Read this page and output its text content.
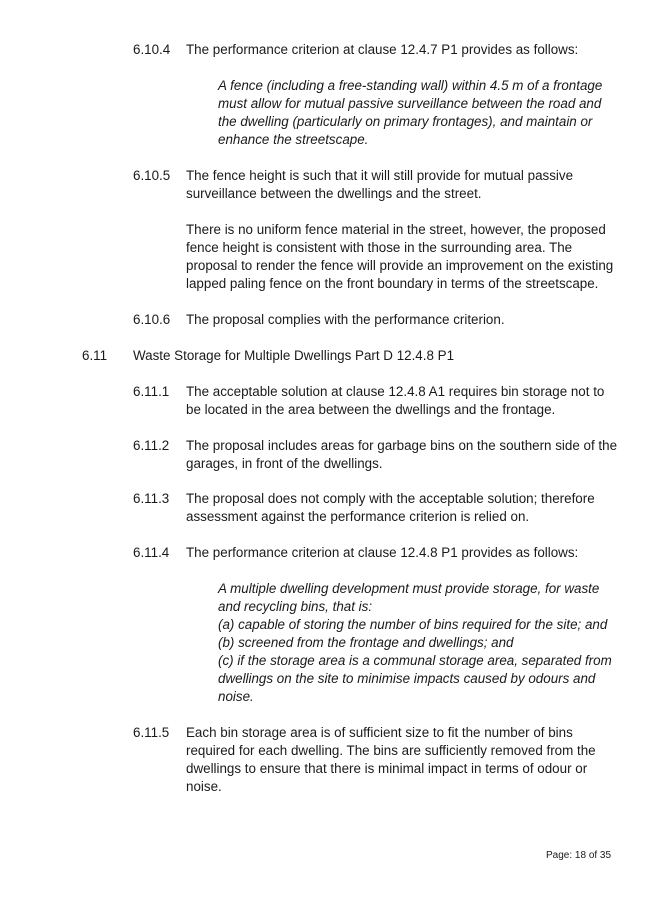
6.10.4 The performance criterion at clause 12.4.7 P1 provides as follows:
A fence (including a free-standing wall) within 4.5 m of a frontage
must allow for mutual passive surveillance between the road and
the dwelling (particularly on primary frontages), and maintain or
enhance the streetscape.
6.10.5 The fence height is such that it will still provide for mutual passive
surveillance between the dwellings and the street.
There is no uniform fence material in the street, however, the proposed
fence height is consistent with those in the surrounding area. The
proposal to render the fence will provide an improvement on the existing
lapped paling fence on the front boundary in terms of the streetscape.
6.10.6 The proposal complies with the performance criterion.
6.11 Waste Storage for Multiple Dwellings Part D 12.4.8 P1
6.11.1 The acceptable solution at clause 12.4.8 A1 requires bin storage not to
be located in the area between the dwellings and the frontage.
6.11.2 The proposal includes areas for garbage bins on the southern side of the
garages, in front of the dwellings.
6.11.3 The proposal does not comply with the acceptable solution; therefore
assessment against the performance criterion is relied on.
6.11.4 The performance criterion at clause 12.4.8 P1 provides as follows:
A multiple dwelling development must provide storage, for waste
and recycling bins, that is:
(a) capable of storing the number of bins required for the site; and
(b) screened from the frontage and dwellings; and
(c) if the storage area is a communal storage area, separated from
dwellings on the site to minimise impacts caused by odours and
noise.
6.11.5 Each bin storage area is of sufficient size to fit the number of bins
required for each dwelling. The bins are sufficiently removed from the
dwellings to ensure that there is minimal impact in terms of odour or
noise.
Page: 18 of 35
